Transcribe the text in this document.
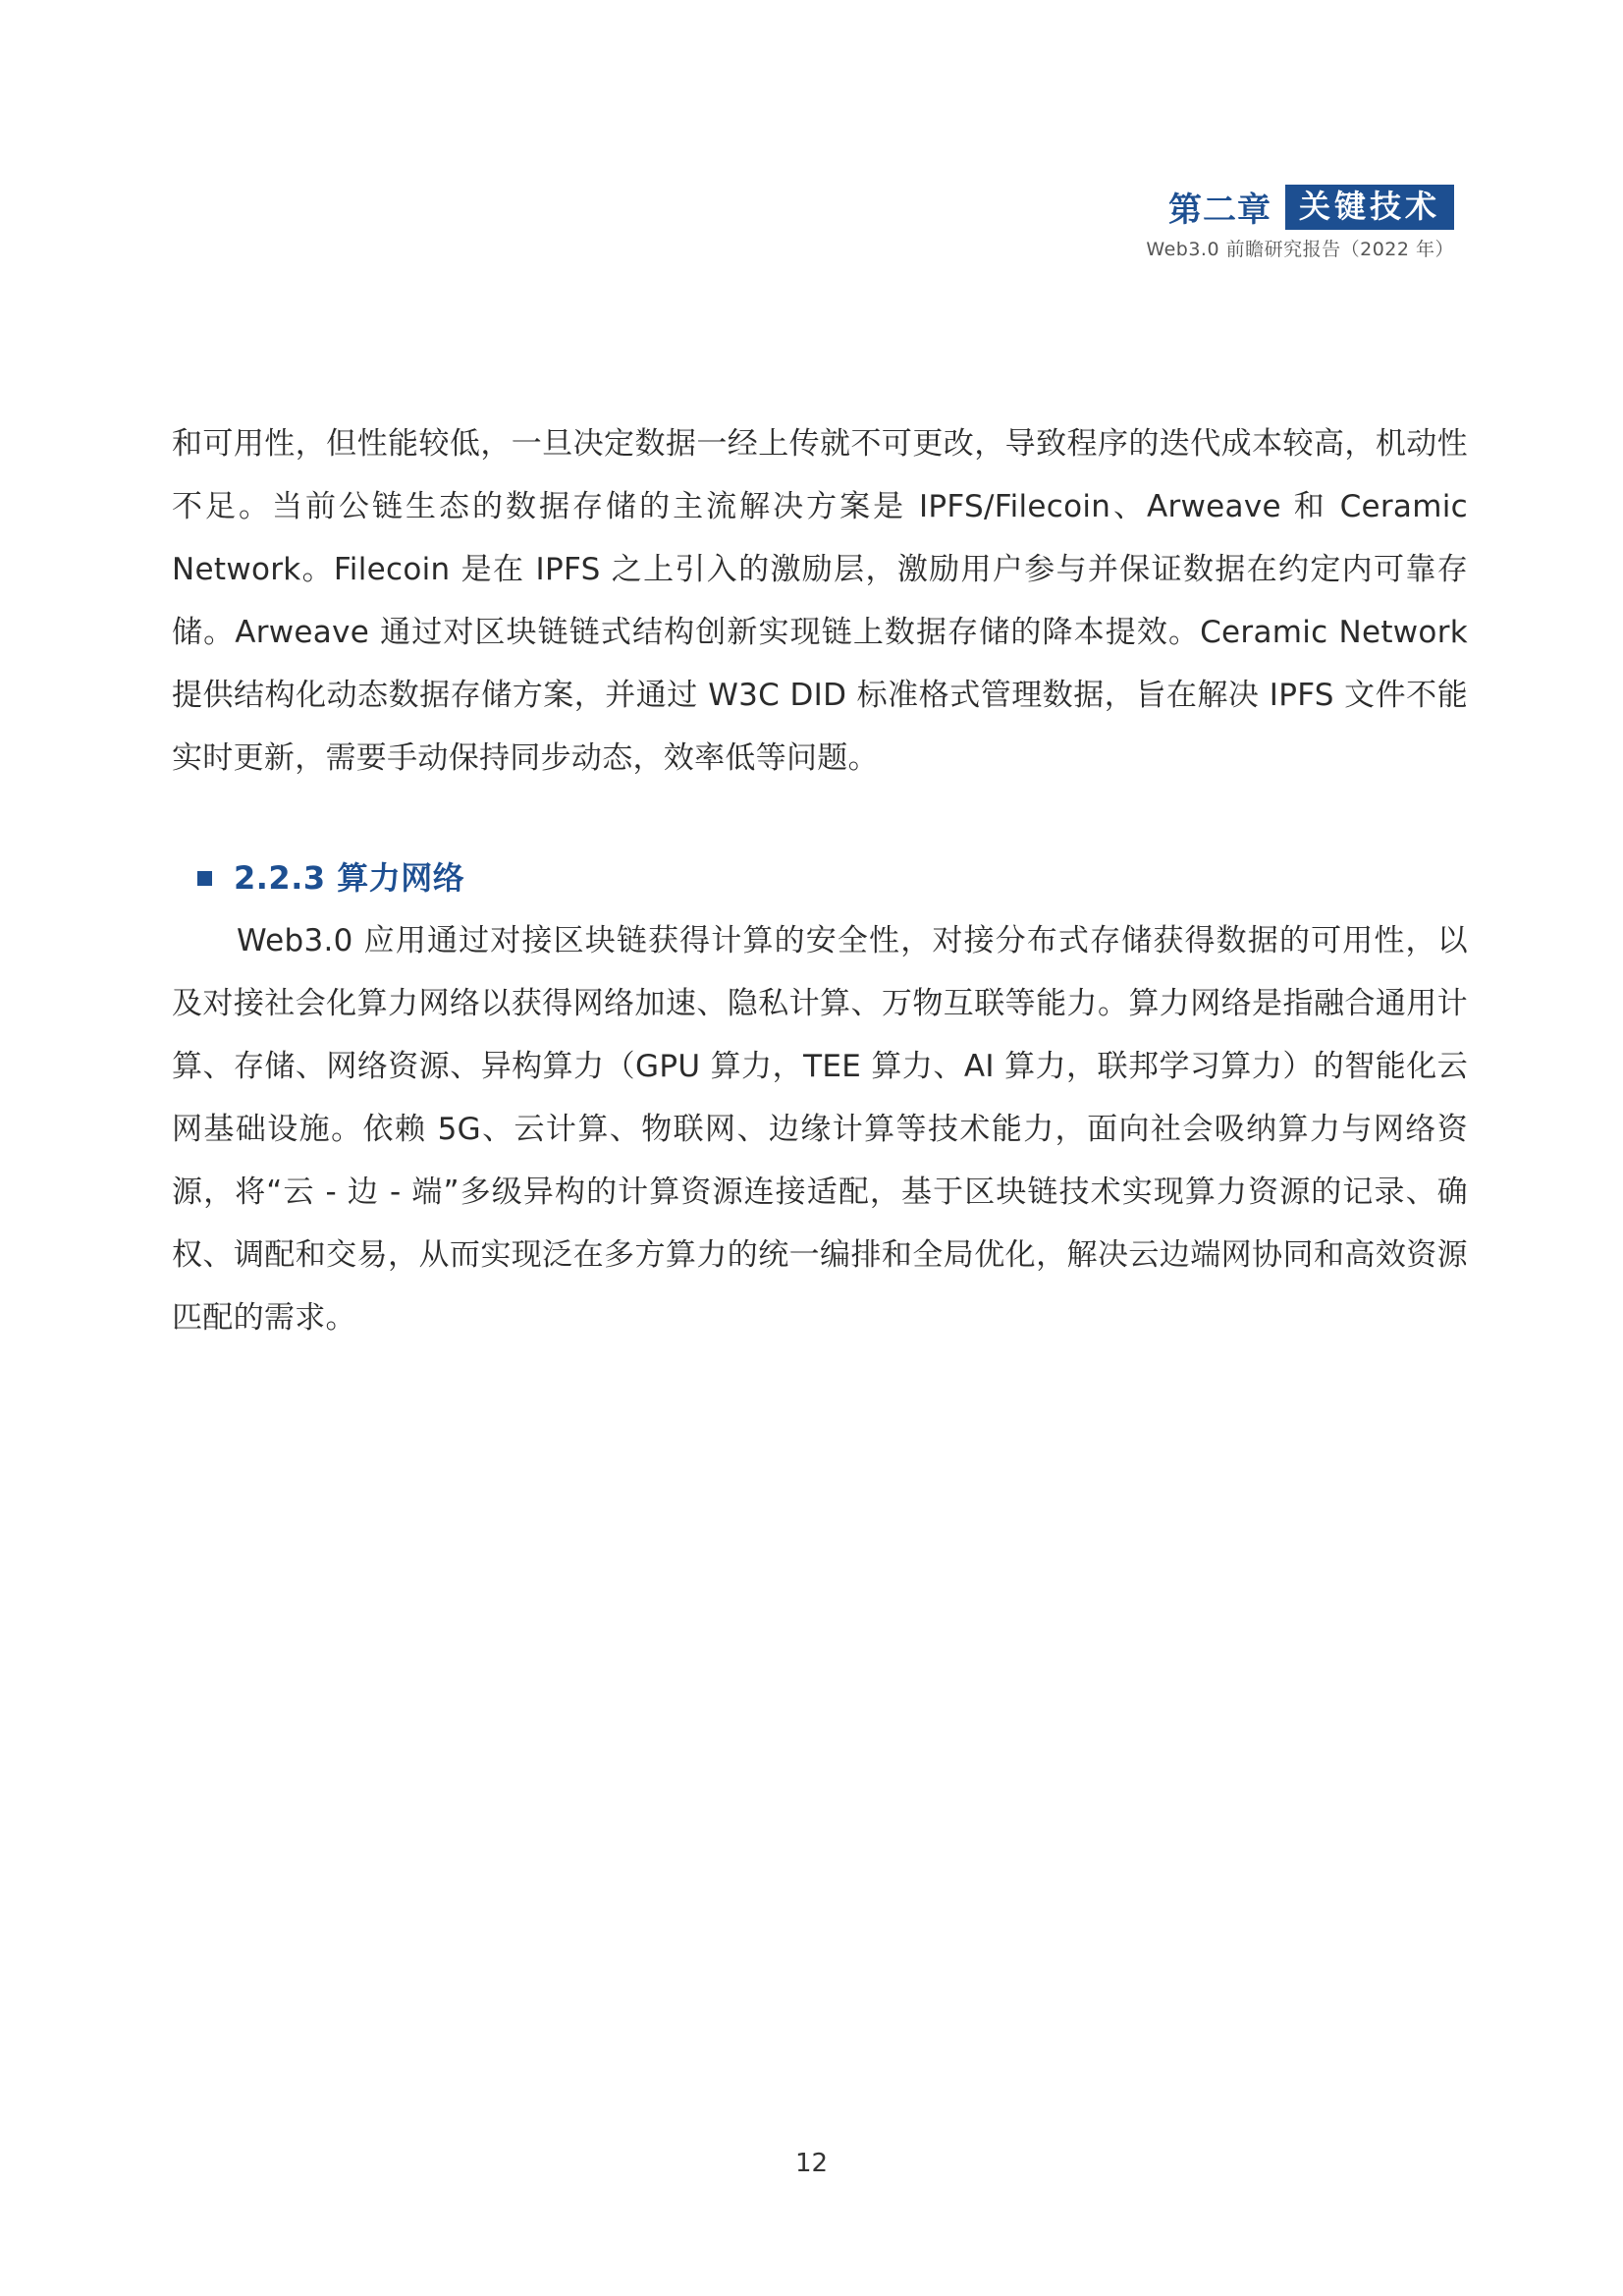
第二章 关键技术
Web3.0 前瞻研究报告（2022 年）

和可用性，但性能较低，一旦决定数据一经上传就不可更改，导致程序的迭代成本较高，机动性不足。当前公链生态的数据存储的主流解决方案是 IPFS/Filecoin、Arweave 和 Ceramic Network。Filecoin 是在 IPFS 之上引入的激励层，激励用户参与并保证数据在约定内可靠存储。Arweave 通过对区块链链式结构创新实现链上数据存储的降本提效。Ceramic Network 提供结构化动态数据存储方案，并通过 W3C DID 标准格式管理数据，旨在解决 IPFS 文件不能实时更新，需要手动保持同步动态，效率低等问题。

2.2.3 算力网络

Web3.0 应用通过对接区块链获得计算的安全性，对接分布式存储获得数据的可用性，以及对接社会化算力网络以获得网络加速、隐私计算、万物互联等能力。算力网络是指融合通用计算、存储、网络资源、异构算力（GPU 算力，TEE 算力、AI 算力，联邦学习算力）的智能化云网基础设施。依赖 5G、云计算、物联网、边缘计算等技术能力，面向社会吸纳算力与网络资源，将“云 - 边 - 端”多级异构的计算资源连接适配，基于区块链技术实现算力资源的记录、确权、调配和交易，从而实现泛在多方算力的统一编排和全局优化，解决云边端网协同和高效资源匹配的需求。

12
